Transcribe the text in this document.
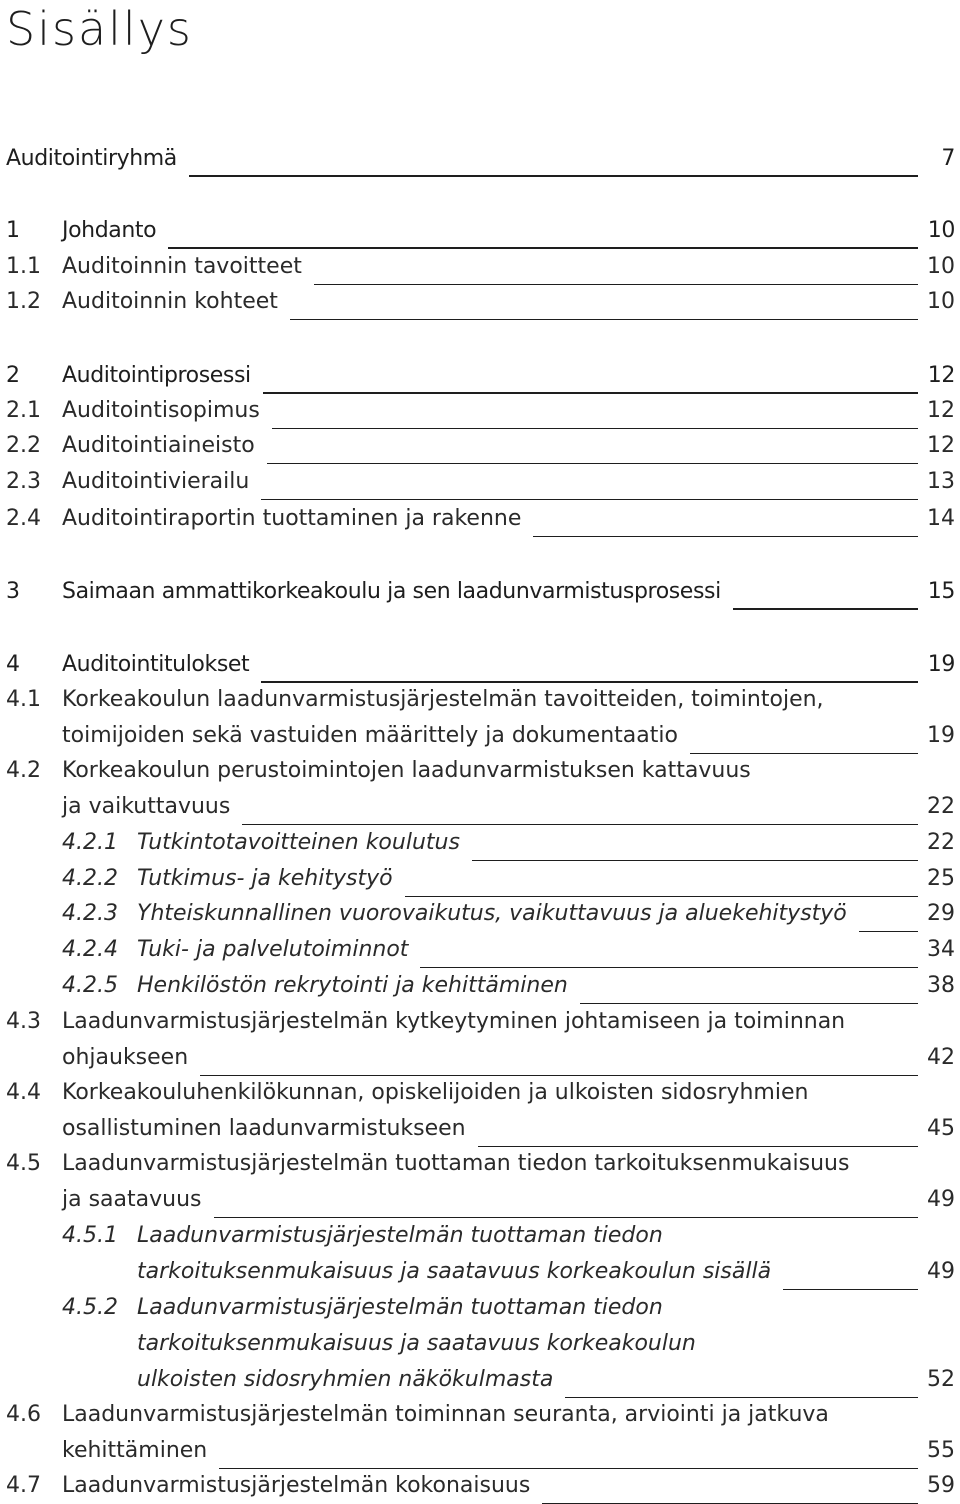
Sisällys
Auditointiryhmä	7
1 Johdanto	10
1.1 Auditoinnin tavoitteet	10
1.2 Auditoinnin kohteet	10
2 Auditointiprosessi	12
2.1 Auditointisopimus	12
2.2 Auditointiaineisto	12
2.3 Auditointivierailu	13
2.4 Auditointiraportin tuottaminen ja rakenne	14
3 Saimaan ammattikorkeakoulu ja sen laadunvarmistusprosessi	15
4 Auditointitulokset	19
4.1 Korkeakoulun laadunvarmistusjärjestelmän tavoitteiden, toimintojen,
toimijoiden sekä vastuiden määrittely ja dokumentaatio	19
4.2 Korkeakoulun perustoimintojen laadunvarmistuksen kattavuus
ja vaikuttavuus	22
4.2.1 Tutkintotavoitteinen koulutus	22
4.2.2 Tutkimus- ja kehitystyö	25
4.2.3 Yhteiskunnallinen vuorovaikutus, vaikuttavuus ja aluekehitystyö	29
4.2.4 Tuki- ja palvelutoiminnot	34
4.2.5 Henkilöstön rekrytointi ja kehittäminen	38
4.3 Laadunvarmistusjärjestelmän kytkeytyminen johtamiseen ja toiminnan
ohjaukseen	42
4.4 Korkeakouluhenkilökunnan, opiskelijoiden ja ulkoisten sidosryhmien
osallistuminen laadunvarmistukseen	45
4.5 Laadunvarmistusjärjestelmän tuottaman tiedon tarkoituksenmukaisuus
ja saatavuus	49
4.5.1 Laadunvarmistusjärjestelmän tuottaman tiedon
tarkoituksenmukaisuus ja saatavuus korkeakoulun sisällä	49
4.5.2 Laadunvarmistusjärjestelmän tuottaman tiedon
tarkoituksenmukaisuus ja saatavuus korkeakoulun
ulkoisten sidosryhmien näkökulmasta	52
4.6 Laadunvarmistusjärjestelmän toiminnan seuranta, arviointi ja jatkuva
kehittäminen	55
4.7 Laadunvarmistusjärjestelmän kokonaisuus	59
